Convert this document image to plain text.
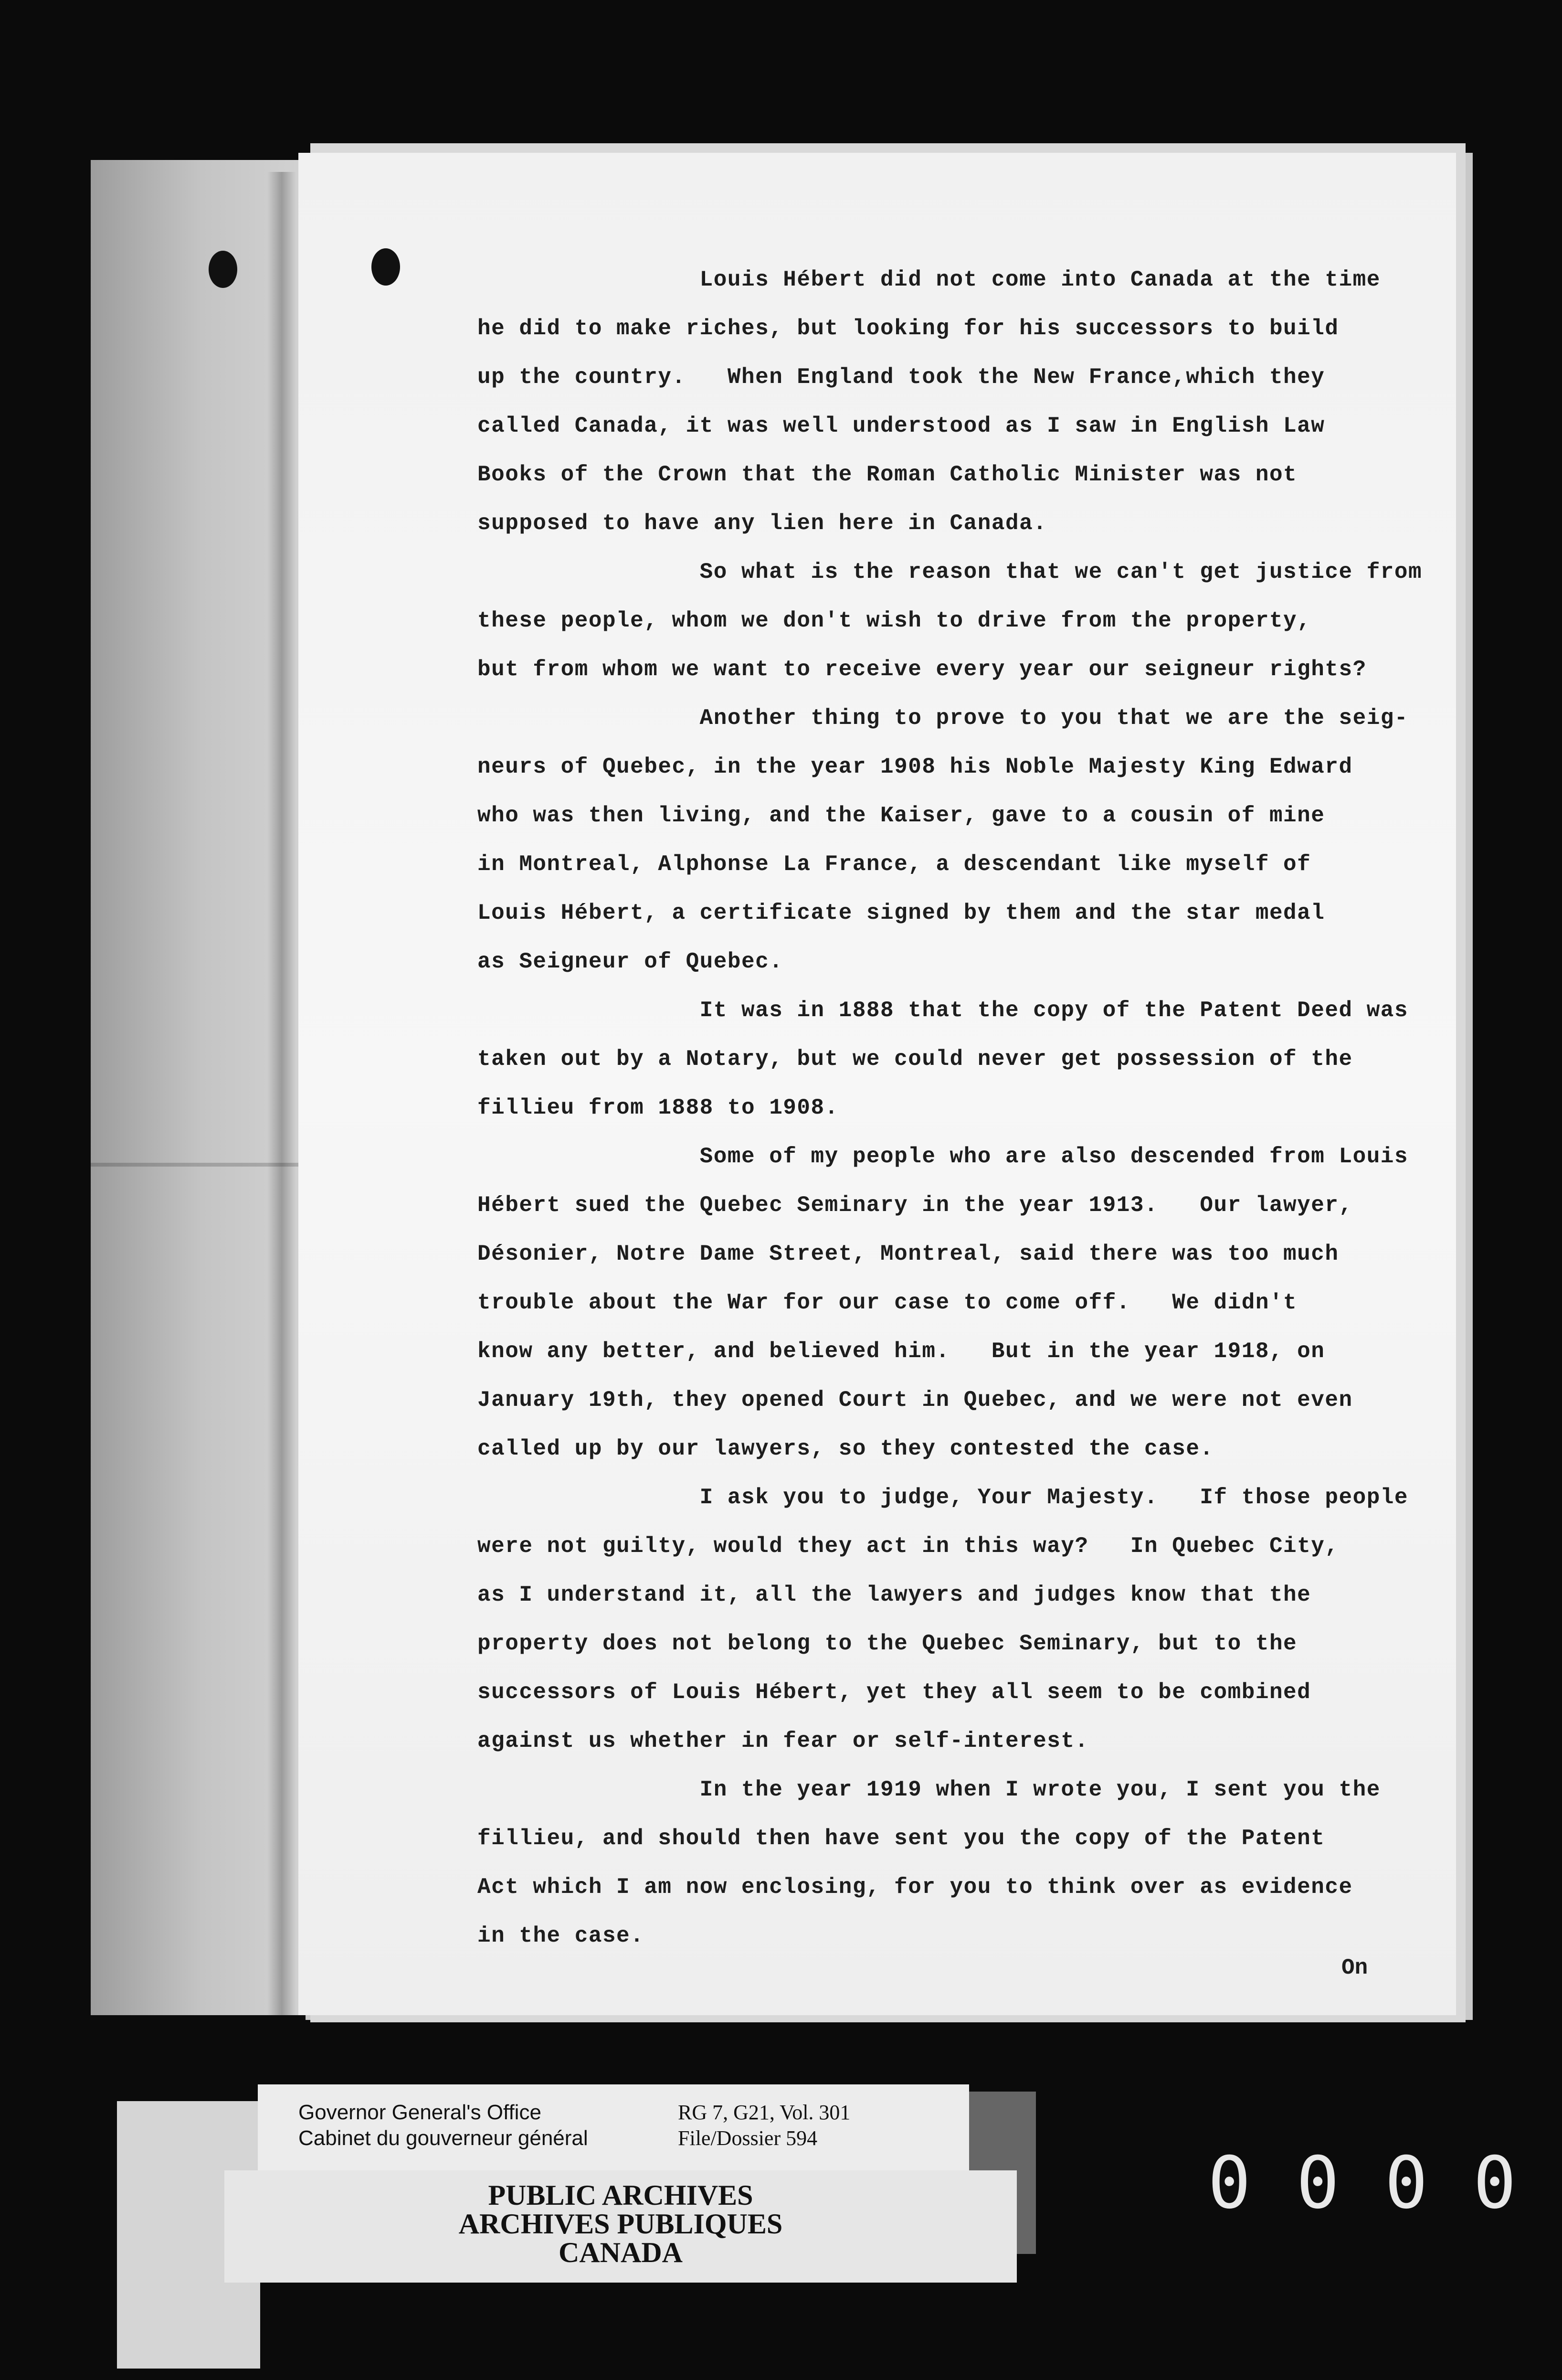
Louis Hébert did not come into Canada at the time
he did to make riches, but looking for his successors to build
up the country.   When England took the New France,which they
called Canada, it was well understood as I saw in English Law
Books of the Crown that the Roman Catholic Minister was not
supposed to have any lien here in Canada.

So what is the reason that we can't get justice from
these people, whom we don't wish to drive from the property,
but from whom we want to receive every year our seigneur rights?

Another thing to prove to you that we are the seig-
neurs of Quebec, in the year 1908 his Noble Majesty King Edward
who was then living, and the Kaiser, gave to a cousin of mine
in Montreal, Alphonse La France, a descendant like myself of
Louis Hébert, a certificate signed by them and the star medal
as Seigneur of Quebec.

It was in 1888 that the copy of the Patent Deed was
taken out by a Notary, but we could never get possession of the
fillieu from 1888 to 1908.

Some of my people who are also descended from Louis
Hébert sued the Quebec Seminary in the year 1913.   Our lawyer,
Désonier, Notre Dame Street, Montreal, said there was too much
trouble about the War for our case to come off.   We didn't
know any better, and believed him.   But in the year 1918, on
January 19th, they opened Court in Quebec, and we were not even
called up by our lawyers, so they contested the case.

I ask you to judge, Your Majesty.   If those people
were not guilty, would they act in this way?   In Quebec City,
as I understand it, all the lawyers and judges know that the
property does not belong to the Quebec Seminary, but to the
successors of Louis Hébert, yet they all seem to be combined
against us whether in fear or self-interest.

In the year 1919 when I wrote you, I sent you the
fillieu, and should then have sent you the copy of the Patent
Act which I am now enclosing, for you to think over as evidence
in the case.

On
Governor General's Office
Cabinet du gouverneur général
RG 7, G21, Vol. 301
File/Dossier 594
PUBLIC ARCHIVES
ARCHIVES PUBLIQUES
CANADA
0000
